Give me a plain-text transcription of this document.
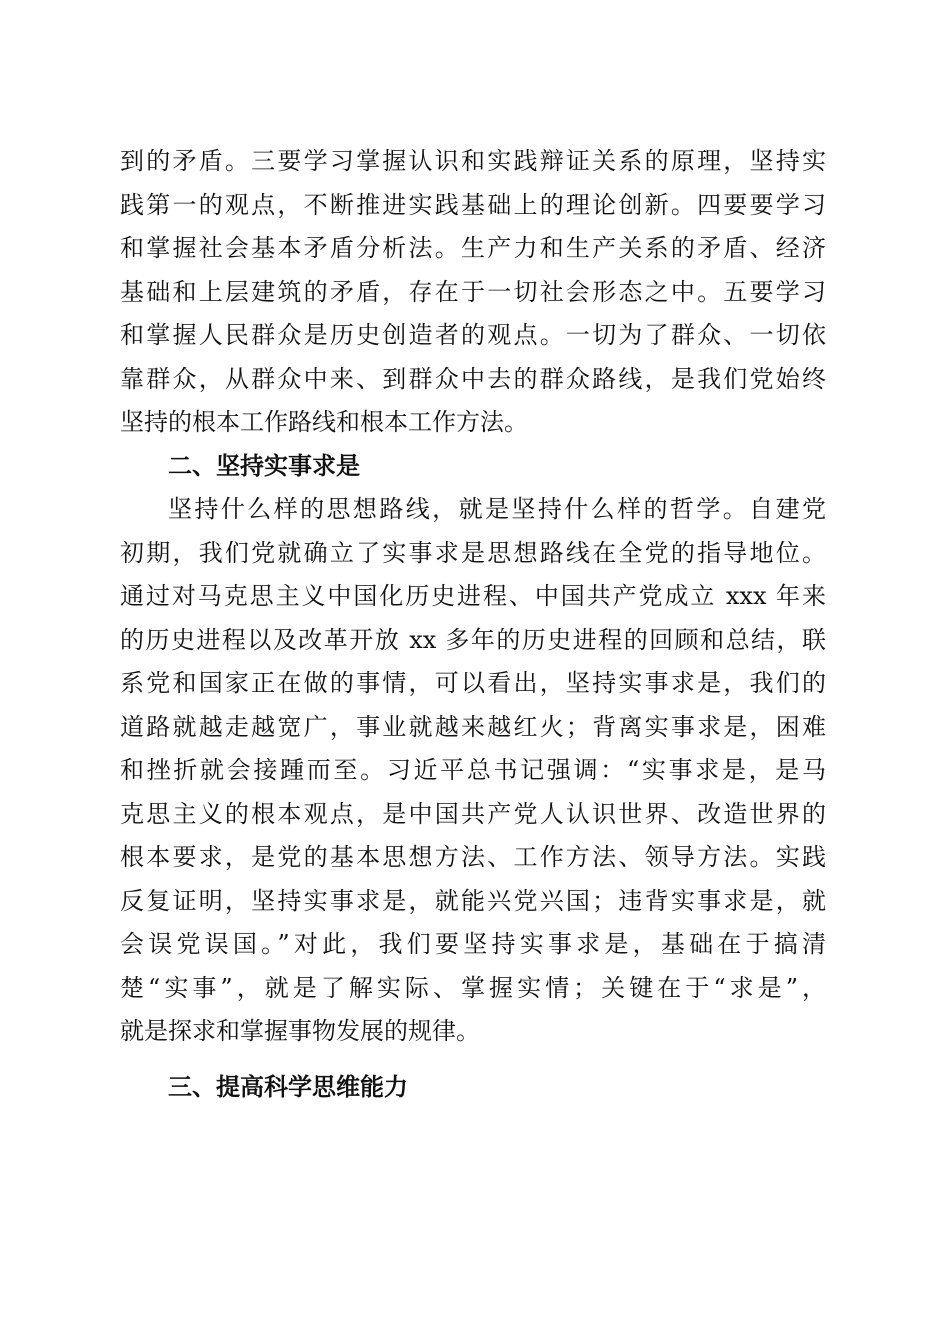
到的矛盾。三要学习掌握认识和实践辩证关系的原理，坚持实
践第一的观点，不断推进实践基础上的理论创新。四要要学习
和掌握社会基本矛盾分析法。生产力和生产关系的矛盾、经济
基础和上层建筑的矛盾，存在于一切社会形态之中。五要学习
和掌握人民群众是历史创造者的观点。一切为了群众、一切依
靠群众，从群众中来、到群众中去的群众路线，是我们党始终
坚持的根本工作路线和根本工作方法。
二、坚持实事求是
坚持什么样的思想路线，就是坚持什么样的哲学。自建党
初期，我们党就确立了实事求是思想路线在全党的指导地位。
通过对马克思主义中国化历史进程、中国共产党成立 xxx 年来
的历史进程以及改革开放 xx 多年的历史进程的回顾和总结，联
系党和国家正在做的事情，可以看出，坚持实事求是，我们的
道路就越走越宽广，事业就越来越红火；背离实事求是，困难
和挫折就会接踵而至。习近平总书记强调：“实事求是，是马
克思主义的根本观点，是中国共产党人认识世界、改造世界的
根本要求，是党的基本思想方法、工作方法、领导方法。实践
反复证明，坚持实事求是，就能兴党兴国；违背实事求是，就
会误党误国。”对此，我们要坚持实事求是，基础在于搞清
楚“实事”，就是了解实际、掌握实情；关键在于“求是”，
就是探求和掌握事物发展的规律。
三、提高科学思维能力
